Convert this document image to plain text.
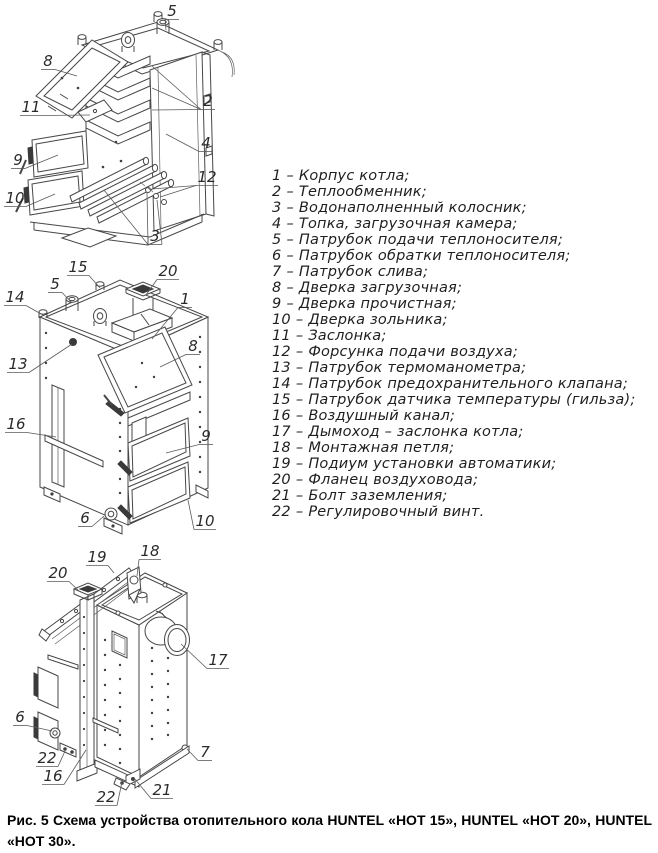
5
8
11	2
4
12
9
10
3
15	20
5
14	1
13
8
16
9
6	10
19 18
20
17
6
22
16
7
21
22
1 – Корпус котла;
2 – Теплообменник;
3 – Водонаполненный колосник;
4 – Топка, загрузочная камера;
5 – Патрубок подачи теплоносителя;
6 – Патрубок обратки теплоносителя;
7 – Патрубок слива;
8 – Дверка загрузочная;
9 – Дверка прочистная;
10 – Дверка зольника;
11 – Заслонка;
12 – Форсунка подачи воздуха;
13 – Патрубок термоманометра;
14 – Патрубок предохранительного клапана;
15 – Патрубок датчика температуры (гильза);
16 – Воздушный канал;
17 – Дымоход – заслонка котла;
18 – Монтажная петля;
19 – Подиум установки автоматики;
20 – Фланец воздуховода;
21 – Болт заземления;
22 – Регулировочный винт.
Рис. 5 Схема устройства отопительного кола HUNTEL «HOT 15», HUNTEL «HOT 20», HUNTEL «HOT 30».
